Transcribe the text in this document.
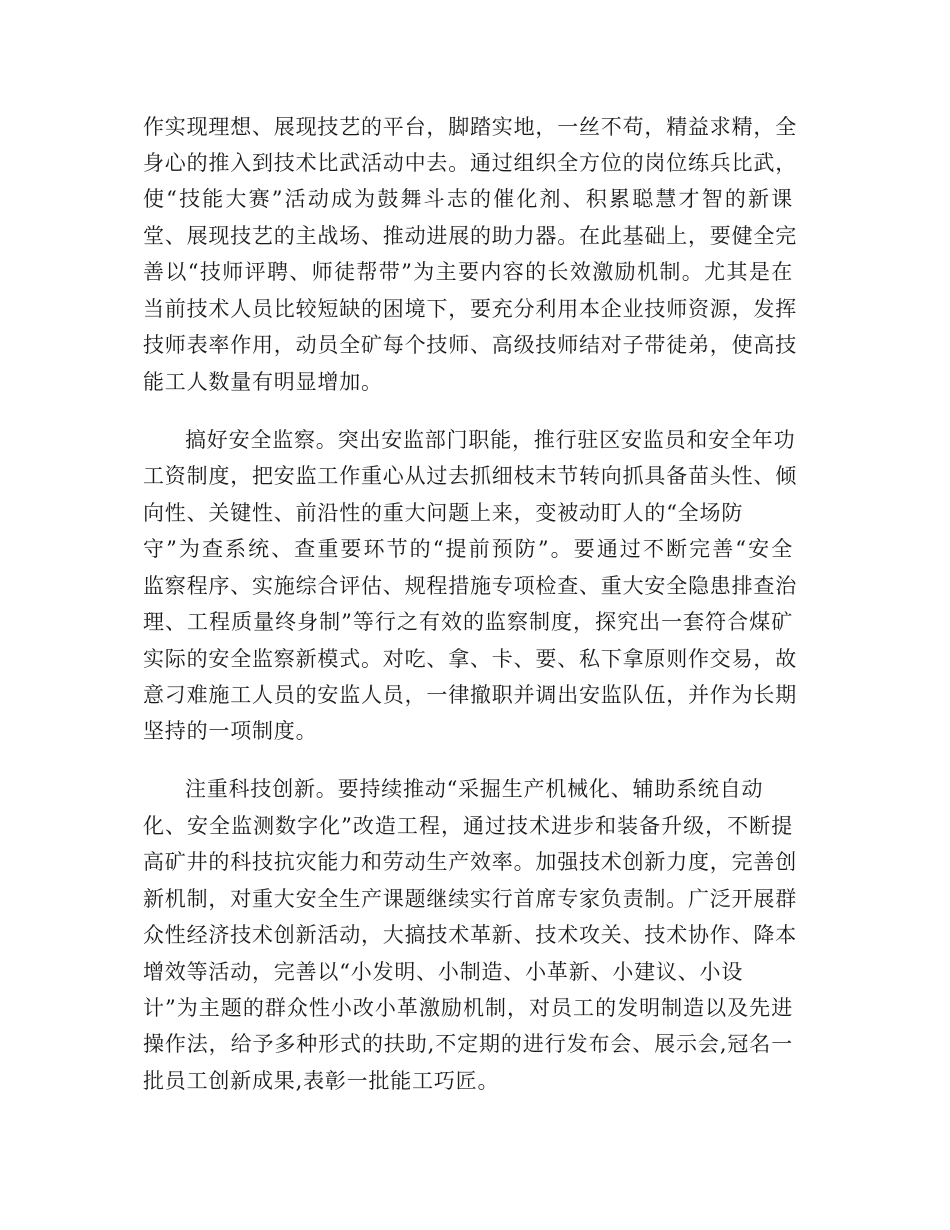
作实现理想、展现技艺的平台，脚踏实地，一丝不苟，精益求精，全
身心的推入到技术比武活动中去。通过组织全方位的岗位练兵比武，
使“技能大赛”活动成为鼓舞斗志的催化剂、积累聪慧才智的新课
堂、展现技艺的主战场、推动进展的助力器。在此基础上，要健全完
善以“技师评聘、师徒帮带”为主要内容的长效激励机制。尤其是在
当前技术人员比较短缺的困境下，要充分利用本企业技师资源，发挥
技师表率作用，动员全矿每个技师、高级技师结对子带徒弟，使高技
能工人数量有明显增加。
搞好安全监察。突出安监部门职能，推行驻区安监员和安全年功
工资制度，把安监工作重心从过去抓细枝末节转向抓具备苗头性、倾
向性、关键性、前沿性的重大问题上来，变被动盯人的“全场防
守”为查系统、查重要环节的“提前预防”。要通过不断完善“安全
监察程序、实施综合评估、规程措施专项检查、重大安全隐患排查治
理、工程质量终身制”等行之有效的监察制度，探究出一套符合煤矿
实际的安全监察新模式。对吃、拿、卡、要、私下拿原则作交易，故
意刁难施工人员的安监人员，一律撤职并调出安监队伍，并作为长期
坚持的一项制度。
注重科技创新。要持续推动“采掘生产机械化、辅助系统自动
化、安全监测数字化”改造工程，通过技术进步和装备升级，不断提
高矿井的科技抗灾能力和劳动生产效率。加强技术创新力度，完善创
新机制，对重大安全生产课题继续实行首席专家负责制。广泛开展群
众性经济技术创新活动，大搞技术革新、技术攻关、技术协作、降本
增效等活动，完善以“小发明、小制造、小革新、小建议、小设
计”为主题的群众性小改小革激励机制，对员工的发明制造以及先进
操作法，给予多种形式的扶助,不定期的进行发布会、展示会,冠名一
批员工创新成果,表彰一批能工巧匠。
